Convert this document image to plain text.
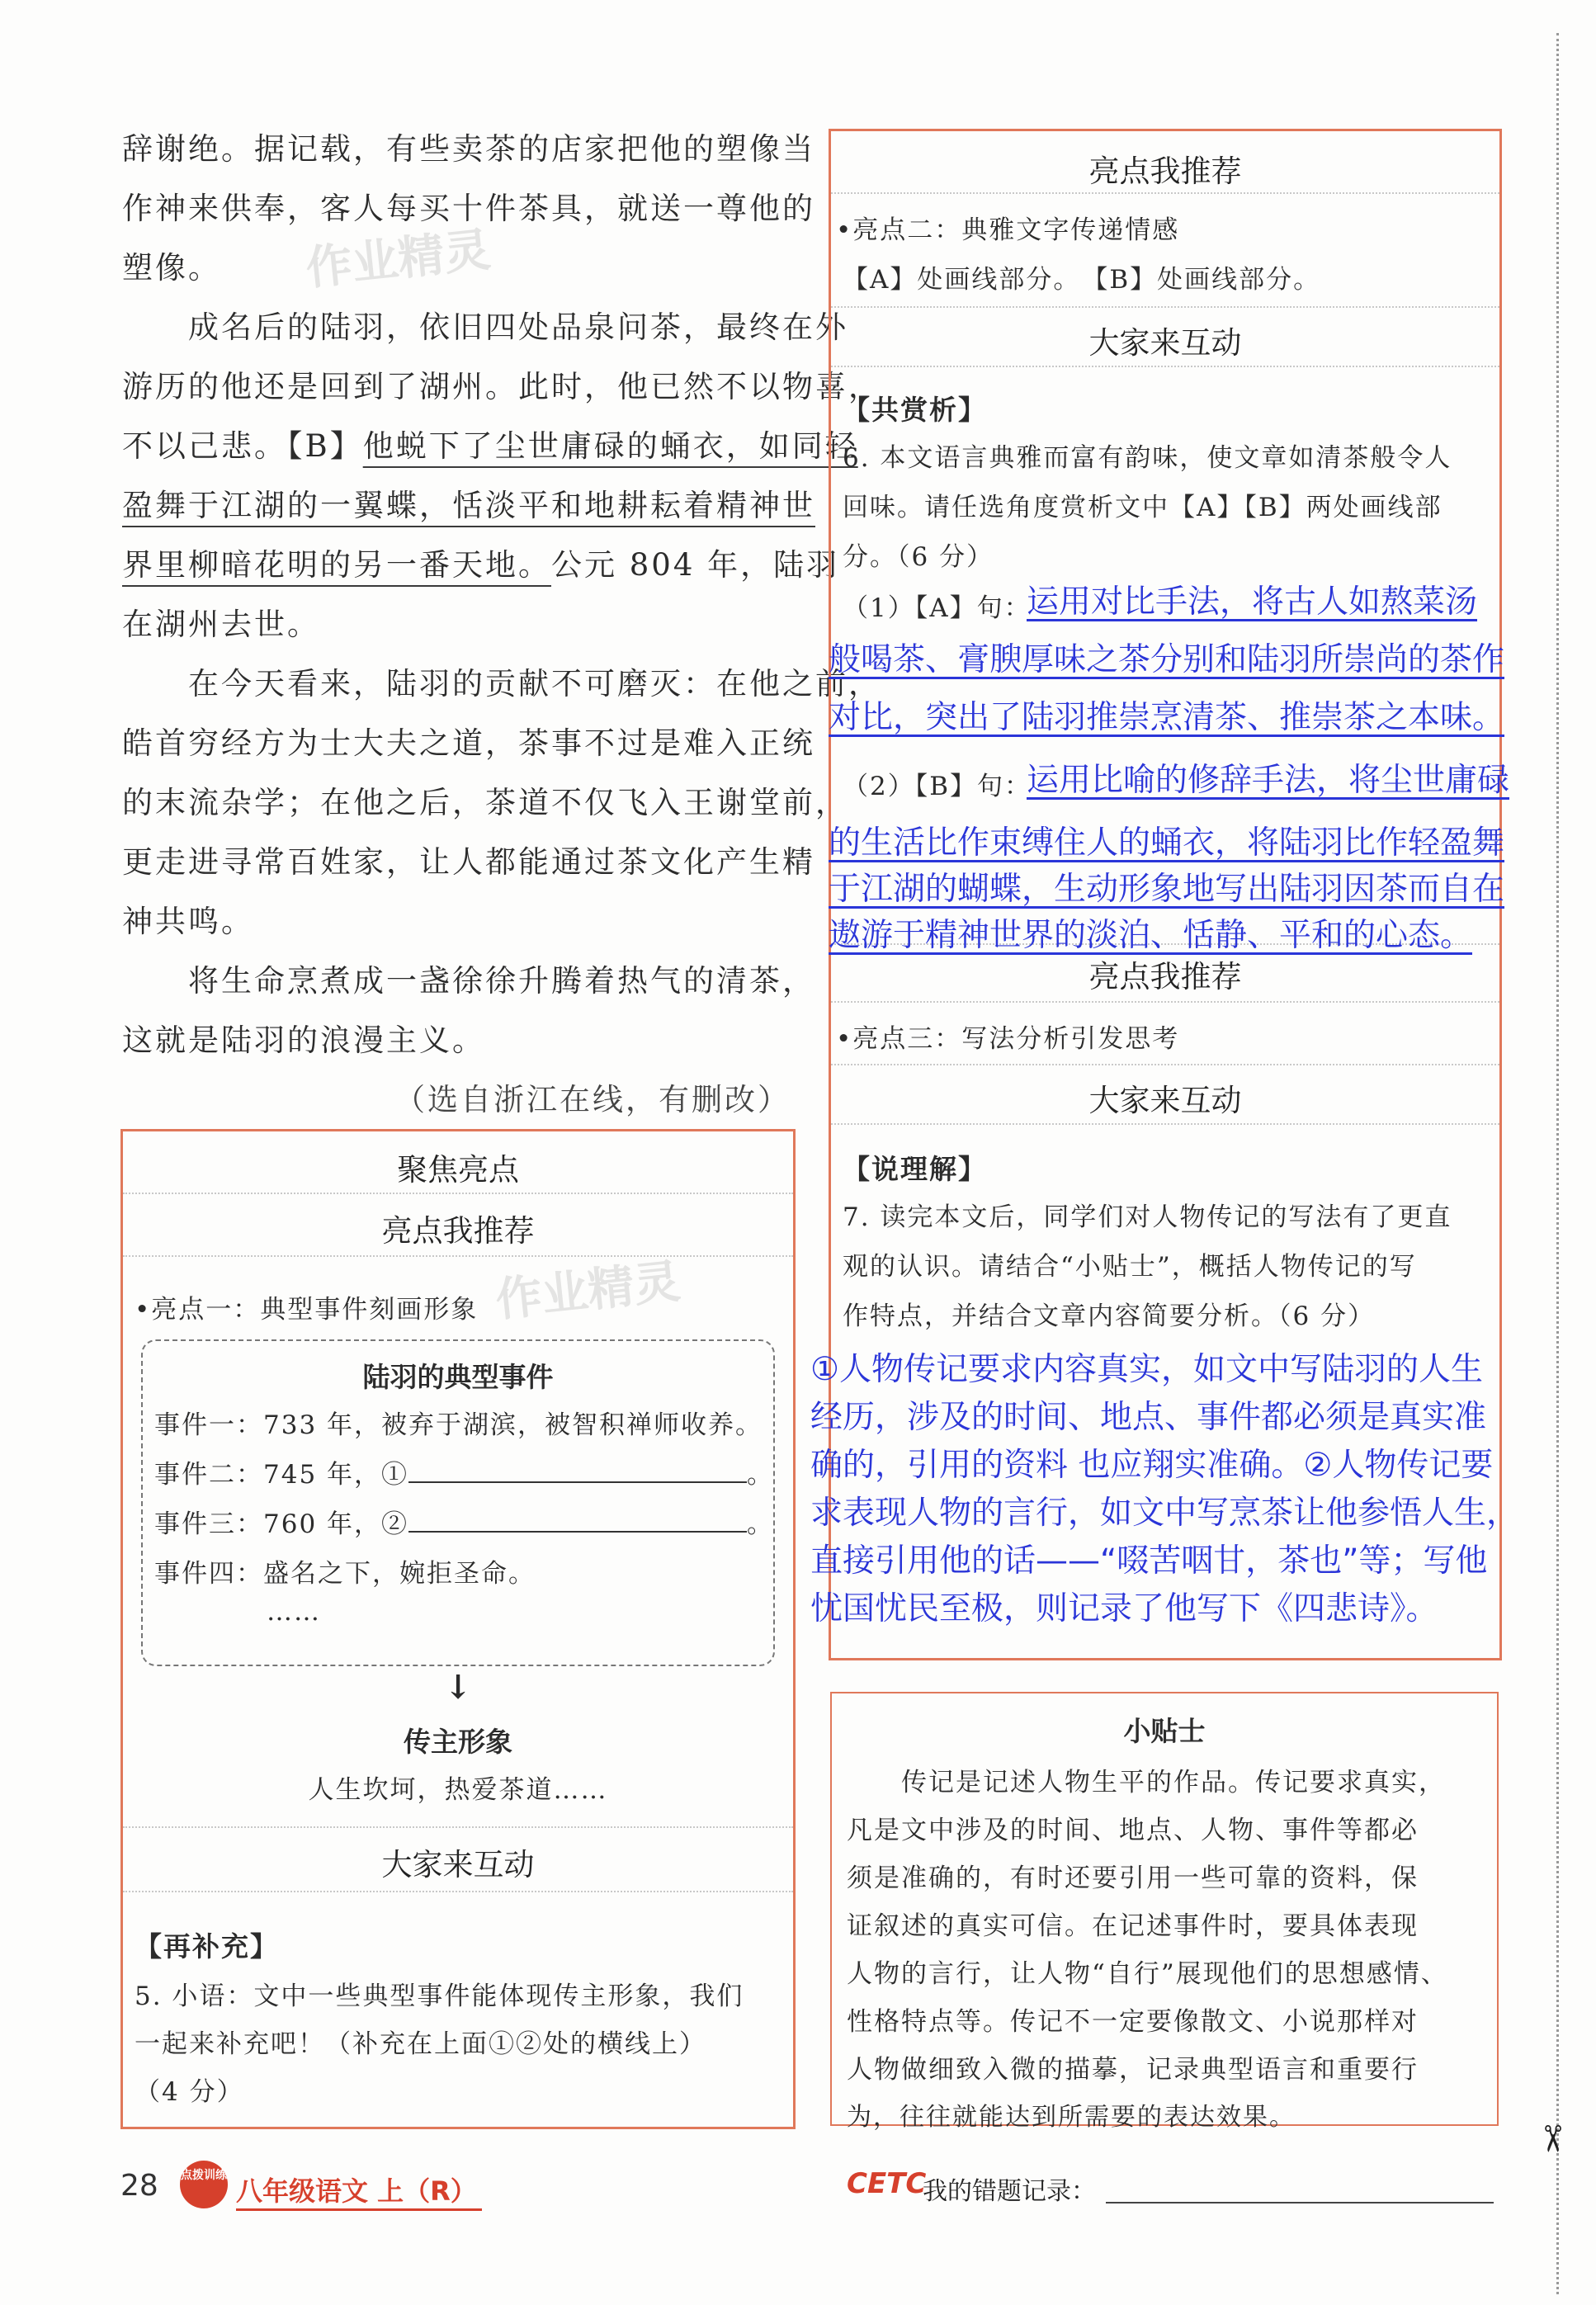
辞谢绝。据记载，有些卖茶的店家把他的塑像当
作神来供奉，客人每买十件茶具，就送一尊他的
塑像。
　　成名后的陆羽，依旧四处品泉问茶，最终在外
游历的他还是回到了湖州。此时，他已然不以物喜，
不以己悲。【B】他蜕下了尘世庸碌的蛹衣，如同轻
盈舞于江湖的一翼蝶，恬淡平和地耕耘着精神世
界里柳暗花明的另一番天地。公元 804 年，陆羽
在湖州去世。
　　在今天看来，陆羽的贡献不可磨灭：在他之前，
皓首穷经方为士大夫之道，茶事不过是难入正统
的末流杂学；在他之后，茶道不仅飞入王谢堂前，
更走进寻常百姓家，让人都能通过茶文化产生精
神共鸣。
　　将生命烹煮成一盏徐徐升腾着热气的清茶，
这就是陆羽的浪漫主义。
（选自浙江在线，有删改）
作业精灵
作业精灵
聚焦亮点
亮点我推荐
•亮点一：典型事件刻画形象
陆羽的典型事件
事件一：733 年，被弃于湖滨，被智积禅师收养。
事件二：745 年，①	。
事件三：760 年，②	。
事件四：盛名之下，婉拒圣命。
……
↓
传主形象
人生坎坷，热爱茶道……
大家来互动
【再补充】
5. 小语：文中一些典型事件能体现传主形象，我们
一起来补充吧！（补充在上面①②处的横线上）
（4 分）
亮点我推荐
•亮点二：典雅文字传递情感
【A】处画线部分。　【B】处画线部分。
大家来互动
【共赏析】
6. 本文语言典雅而富有韵味，使文章如清茶般令人
回味。请任选角度赏析文中【A】【B】两处画线部
分。（6 分）
（1）【A】句：
（2）【B】句：
亮点我推荐
•亮点三：写法分析引发思考
大家来互动
【说理解】
7. 读完本文后，同学们对人物传记的写法有了更直
观的认识。请结合“小贴士”，概括人物传记的写
作特点，并结合文章内容简要分析。（6 分）
运用对比手法，将古人如熬菜汤
般喝茶、膏腴厚味之茶分别和陆羽所崇尚的茶作
对比，突出了陆羽推崇烹清茶、推崇茶之本味。
运用比喻的修辞手法，将尘世庸碌
的生活比作束缚住人的蛹衣，将陆羽比作轻盈舞
于江湖的蝴蝶，生动形象地写出陆羽因茶而自在
遨游于精神世界的淡泊、恬静、平和的心态。
①人物传记要求内容真实，如文中写陆羽的人生
经历，涉及的时间、地点、事件都必须是真实准
确的，引用的资料 也应翔实准确。②人物传记要
求表现人物的言行，如文中写烹茶让他参悟人生，
直接引用他的话——“啜苦咽甘，茶也”等；写他
忧国忧民至极，则记录了他写下《四悲诗》。
小贴士
　　传记是记述人物生平的作品。传记要求真实，
凡是文中涉及的时间、地点、人物、事件等都必
须是准确的，有时还要引用一些可靠的资料，保
证叙述的真实可信。在记述事件时，要具体表现
人物的言行，让人物“自行”展现他们的思想感情、
性格特点等。传记不一定要像散文、小说那样对
人物做细致入微的描摹，记录典型语言和重要行
为，往往就能达到所需要的表达效果。
✂
28 点拨训练 八年级语文 上（R）	CETC
我的错题记录：
